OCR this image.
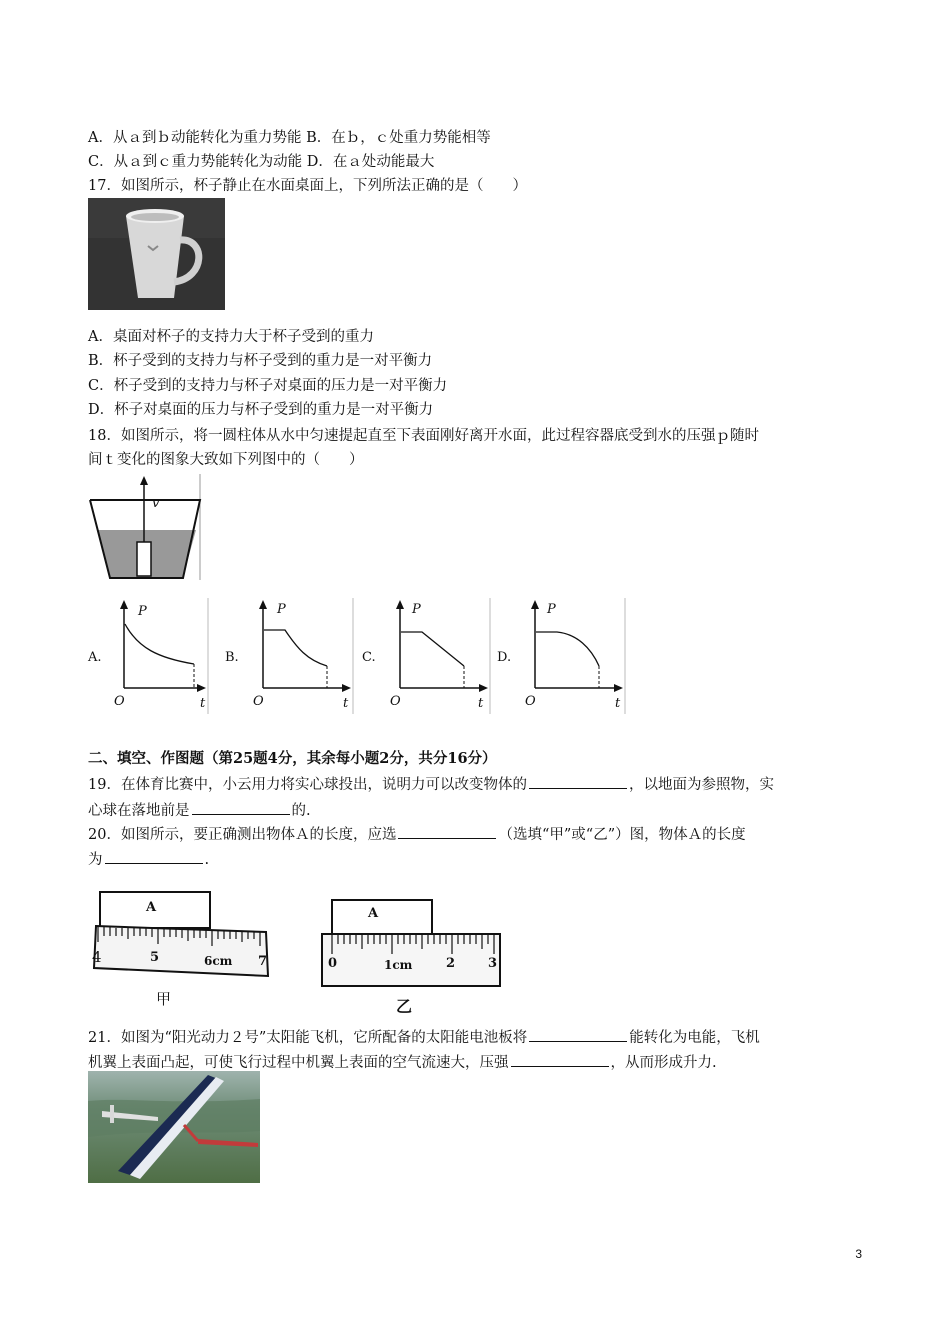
A．从ａ到ｂ动能转化为重力势能 B．在ｂ，ｃ处重力势能相等
C．从ａ到ｃ重力势能转化为动能 D．在ａ处动能最大
17．如图所示，杯子静止在水面桌面上，下列所法正确的是（　　）
A．桌面对杯子的支持力大于杯子受到的重力
B．杯子受到的支持力与杯子受到的重力是一对平衡力
C．杯子受到的支持力与杯子对桌面的压力是一对平衡力
D．杯子对桌面的压力与杯子受到的重力是一对平衡力
18．如图所示，将一圆柱体从水中匀速提起直至下表面刚好离开水面，此过程容器底受到水的压强ｐ随时
间ｔ变化的图象大致如下列图中的（　　）
v
A.
P
O	t
B.
P
O	t
C.
P
O	t
D.
P
O	t
二、填空、作图题（第25题4分，其余每小题2分，共分16分）
19．在体育比赛中，小云用力将实心球投出，说明力可以改变物体的	，以地面为参照物，实
心球在落地前是	的.
20．如图所示，要正确测出物体Ａ的长度，应选	（选填“甲”或“乙”）图，物体Ａ的长度
为	.
A
4	5	6cm 7
甲
A
0	1cm	2	3
乙
21．如图为“阳光动力２号”太阳能飞机，它所配备的太阳能电池板将	能转化为电能，飞机
机翼上表面凸起，可使飞行过程中机翼上表面的空气流速大，压强	，从而形成升力.
3
